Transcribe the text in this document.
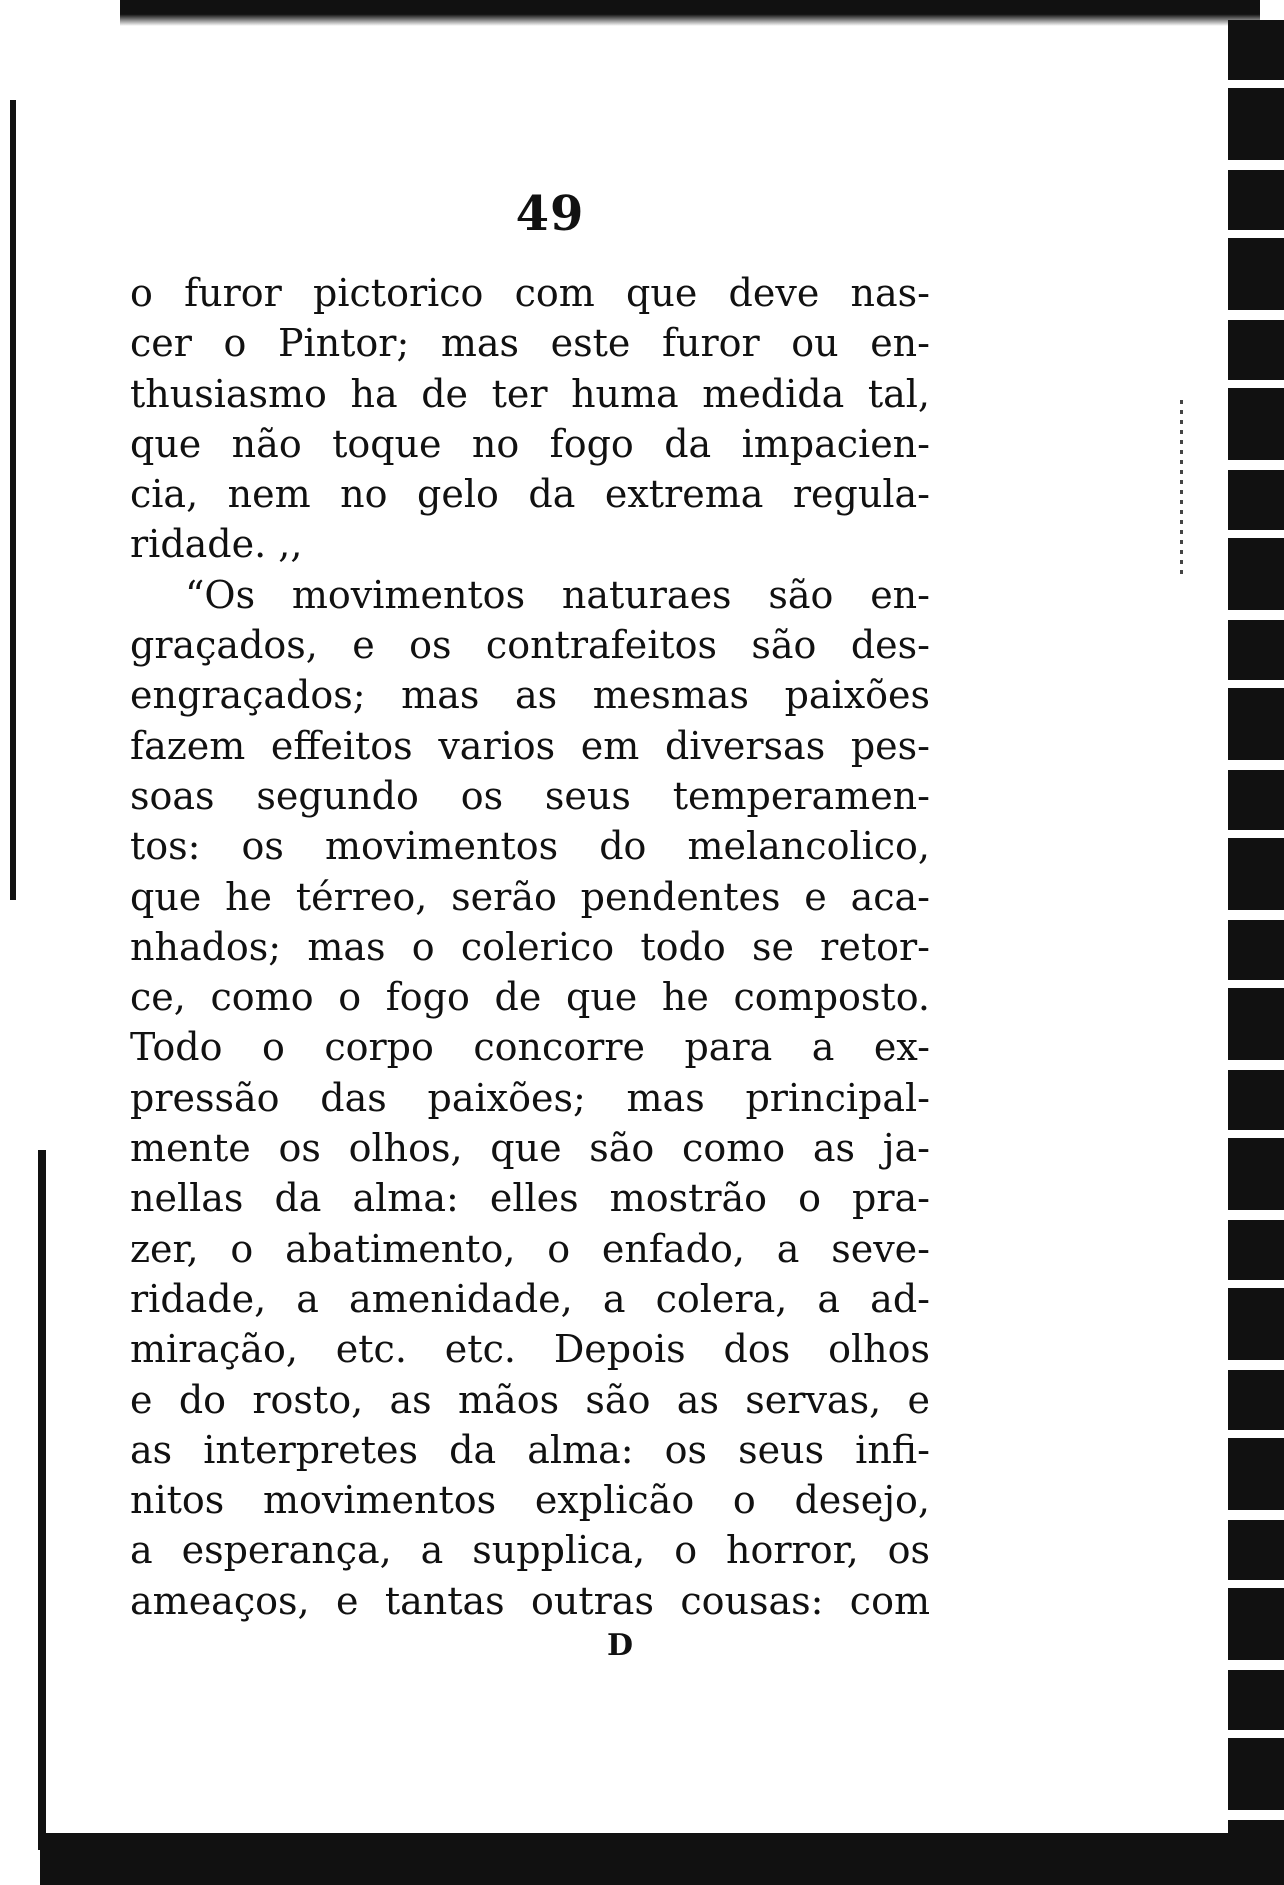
49
o furor pictorico com que deve nas-
cer o Pintor; mas este furor ou en-
thusiasmo ha de ter huma medida tal,
que não toque no fogo da impacien-
cia, nem no gelo da extrema regula-
ridade. ,,
“Os movimentos naturaes são en-
graçados, e os contrafeitos são des-
engraçados; mas as mesmas paixões
fazem effeitos varios em diversas pes-
soas segundo os seus temperamen-
tos: os movimentos do melancolico,
que he térreo, serão pendentes e aca-
nhados; mas o colerico todo se retor-
ce, como o fogo de que he composto.
Todo o corpo concorre para a ex-
pressão das paixões; mas principal-
mente os olhos, que são como as ja-
nellas da alma: elles mostrão o pra-
zer, o abatimento, o enfado, a seve-
ridade, a amenidade, a colera, a ad-
miração, etc. etc. Depois dos olhos
e do rosto, as mãos são as servas, e
as interpretes da alma: os seus infi-
nitos movimentos explicão o desejo,
a esperança, a supplica, o horror, os
ameaços, e tantas outras cousas: com
D
